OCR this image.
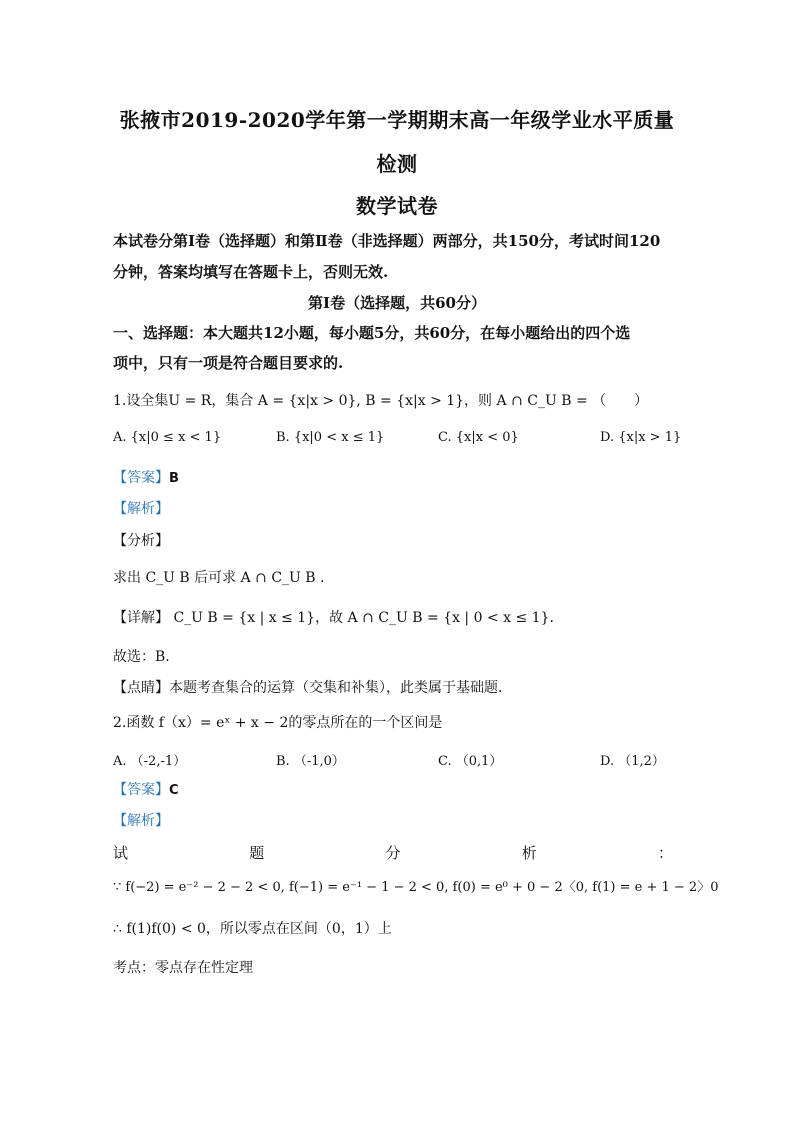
张掖市2019-2020学年第一学期期末高一年级学业水平质量
检测
数学试卷
本试卷分第Ⅰ卷（选择题）和第Ⅱ卷（非选择题）两部分，共150分，考试时间120
分钟，答案均填写在答题卡上，否则无效.
第Ⅰ卷（选择题，共60分）
一、选择题：本大题共12小题，每小题5分，共60分，在每小题给出的四个选
项中，只有一项是符合题目要求的.
1.设全集U = R，集合 A = {x|x > 0}, B = {x|x > 1}，则 A ∩ C_U B = （　　）
A. {x|0 ≤ x < 1}	B. {x|0 < x ≤ 1}	C. {x|x < 0}	D. {x|x > 1}
【答案】B
【解析】
【分析】
求出 C_U B 后可求 A ∩ C_U B .
【详解】 C_U B = {x | x ≤ 1}，故 A ∩ C_U B = {x | 0 < x ≤ 1}.
故选：B.
【点睛】本题考查集合的运算（交集和补集），此类属于基础题.
2.函数 f（x）= eˣ + x − 2的零点所在的一个区间是
A. （-2,-1）	B. （-1,0）	C. （0,1）	D. （1,2）
【答案】C
【解析】
试	题	分	析	：
∵ f(−2) = e⁻² − 2 − 2 < 0, f(−1) = e⁻¹ − 1 − 2 < 0, f(0) = e⁰ + 0 − 2〈0, f(1) = e + 1 − 2〉0
∴ f(1)f(0) < 0，所以零点在区间（0，1）上
考点：零点存在性定理
